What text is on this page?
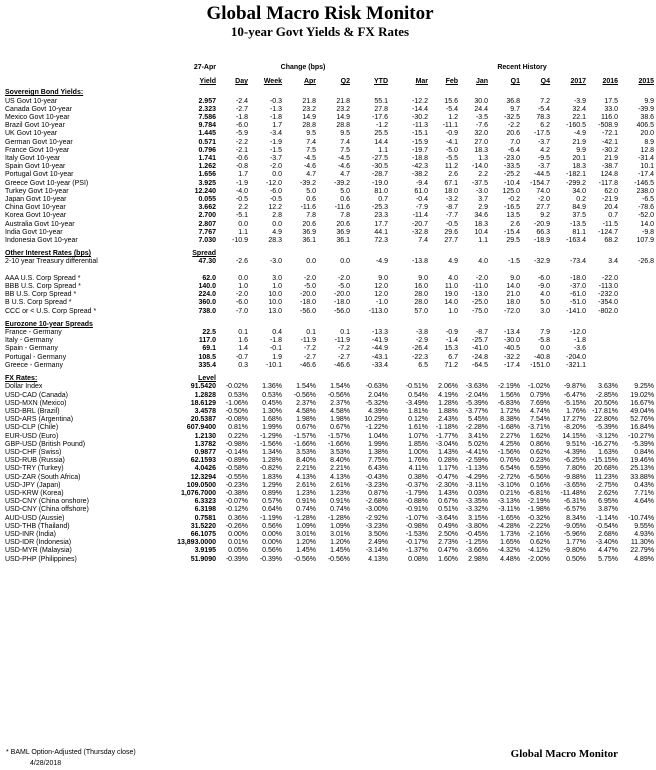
Global Macro Risk Monitor
10-year Govt Yields & FX Rates
	27-Apr	Change (bps)					Recent History							

	Yield	Day	Week	Apr	Q2	YTD	Mar	Feb	Jan	Q1	Q4	2017	2016	2015

Sovereign Bond Yields:														
US Govt 10-year	2.957	-2.4	-0.3	21.8	21.8	55.1	-12.2	15.6	30.0	36.8	7.2	-3.9	17.5	9.9
Canada Govt 10-year	2.323	-2.7	-1.3	23.2	23.2	27.8	-14.4	-5.4	24.4	9.7	-5.4	32.4	33.0	-39.9
Mexico Govt 10-year	7.586	-1.8	-1.8	14.9	14.9	-17.6	-30.2	1.2	-3.5	-32.5	78.3	22.1	116.0	38.6
Brazil Govt 10-year	9.784	-6.0	1.7	28.8	28.8	-1.2	-11.3	-11.1	-7.6	-2.2	6.2	-160.5	-508.9	406.5
UK Govt 10-year	1.445	-5.9	-3.4	9.5	9.5	25.5	-15.1	-0.9	32.0	20.6	-17.5	-4.9	-72.1	20.0
German Govt 10-year	0.571	-2.2	-1.9	7.4	7.4	14.4	-15.9	-4.1	27.0	7.0	-3.7	21.9	-42.1	8.9
France Govt 10-year	0.796	-2.1	-1.5	7.5	7.5	1.1	-19.7	-5.0	18.3	-6.4	4.2	9.9	-30.2	12.8
Italy Govt 10-year	1.741	-0.6	-3.7	-4.5	-4.5	-27.5	-18.8	-5.5	1.3	-23.0	-9.5	20.1	21.9	-31.4
Spain Govt 10-year	1.262	-0.8	-2.0	-4.6	-4.6	-30.5	-42.3	11.2	-14.0	-33.5	-3.7	18.3	-38.7	10.1
Portugal Govt 10-year	1.656	1.7	0.0	4.7	4.7	-28.7	-38.2	2.6	2.2	-25.2	-44.5	-182.1	124.8	-17.4
Greece Govt 10-year (PSI)	3.925	-1.9	-12.0	-39.2	-39.2	-19.0	-9.4	67.1	-37.5	-10.4	-154.7	-299.2	-117.8	-146.5
Turkey Govt 10-year	12.240	-4.0	-6.0	5.0	5.0	81.0	61.0	18.0	-3.0	125.0	74.0	34.0	62.0	238.0
Japan Govt 10-year	0.055	-0.5	-0.5	0.6	0.6	0.7	-0.4	-3.2	3.7	-0.2	-2.0	0.2	-21.9	-6.5
China Govt 10-year	3.662	2.2	12.2	-11.6	-11.6	-25.3	-7.9	-8.7	2.9	-16.5	27.7	84.9	20.4	-78.6
Korea Govt 10-year	2.700	-5.1	2.8	7.8	7.8	23.3	-11.4	-7.7	34.6	13.5	9.2	37.5	0.7	-52.0
Australia Govt 10-year	2.807	0.0	0.0	20.6	20.6	17.7	-20.7	-0.5	18.3	2.6	-20.9	-13.5	-11.5	14.0
India Govt 10-year	7.767	1.1	4.9	36.9	36.9	44.1	-32.8	29.6	10.4	-15.4	66.3	81.1	-124.7	-9.8
Indonesia Govt 10-year	7.030	-10.9	28.3	36.1	36.1	72.3	7.4	27.7	1.1	29.5	-18.9	-163.4	68.2	107.9

Other Interest Rates (bps)	Spread													
2-10 year Treasury differential	47.30	-2.6	-3.0	0.0	0.0	-4.9	-13.8	4.9	4.0	-1.5	-32.9	-73.4	3.4	-26.8

AAA U.S. Corp Spread *	62.0	0.0	3.0	-2.0	-2.0	9.0	9.0	4.0	-2.0	9.0	-6.0	-18.0	-22.0	
BBB U.S. Corp Spread *	140.0	1.0	1.0	-5.0	-5.0	12.0	16.0	11.0	-11.0	14.0	-9.0	-37.0	-113.0	
BB U.S. Corp Spread *	224.0	-2.0	10.0	-20.0	-20.0	12.0	28.0	19.0	-13.0	21.0	4.0	-61.0	-232.0	
B U.S. Corp Spread *	360.0	-6.0	10.0	-18.0	-18.0	-1.0	28.0	14.0	-25.0	18.0	5.0	-51.0	-354.0	
CCC or < U.S. Corp Spread *	738.0	-7.0	13.0	-56.0	-56.0	-113.0	57.0	1.0	-75.0	-72.0	3.0	-141.0	-802.0	

Eurozone 10-year Spreads														
France - Germany	22.5	0.1	0.4	0.1	0.1	-13.3	-3.8	-0.9	-8.7	-13.4	7.9	-12.0		
Italy - Germany	117.0	1.6	-1.8	-11.9	-11.9	-41.9	-2.9	-1.4	-25.7	-30.0	-5.8	-1.8		
Spain - Germany	69.1	1.4	-0.1	-7.2	-7.2	-44.9	-26.4	15.3	-41.0	-40.5	0.0	-3.6		
Portugal - Germany	108.5	-0.7	1.9	-2.7	-2.7	-43.1	-22.3	6.7	-24.8	-32.2	-40.8	-204.0		
Greece - Germany	335.4	0.3	-10.1	-46.6	-46.6	-33.4	6.5	71.2	-64.5	-17.4	-151.0	-321.1		

FX Rates:	Level													
Dollar Index	91.5420	-0.02%	1.36%	1.54%	1.54%	-0.63%	-0.51%	2.06%	-3.63%	-2.19%	-1.02%	-9.87%	3.63%	9.25%
USD-CAD (Canada)	1.2828	0.53%	0.53%	-0.56%	-0.56%	2.04%	0.54%	4.19%	-2.04%	1.56%	0.79%	-6.47%	-2.85%	19.02%
USD-MXN (Mexico)	18.6129	-1.06%	0.45%	2.37%	2.37%	-5.32%	-3.49%	1.28%	-5.39%	-6.83%	7.69%	-5.15%	20.50%	16.67%
USD-BRL (Brazil)	3.4578	-0.50%	1.30%	4.58%	4.58%	4.39%	1.81%	1.88%	-3.77%	1.72%	4.74%	1.76%	-17.81%	49.04%
USD-ARS (Argentina)	20.5387	-0.08%	1.68%	1.98%	1.98%	10.29%	0.12%	2.43%	5.45%	8.38%	7.54%	17.27%	22.80%	52.76%
USD-CLP (Chile)	607.9400	0.81%	1.99%	0.67%	0.67%	-1.22%	1.61%	-1.18%	-2.28%	-1.68%	-3.71%	-8.20%	-5.39%	16.84%
EUR-USD (Euro)	1.2130	0.22%	-1.29%	-1.57%	-1.57%	1.04%	1.07%	-1.77%	3.41%	2.27%	1.62%	14.15%	-3.12%	-10.27%
GBP-USD (British Pound)	1.3782	-0.98%	-1.56%	-1.66%	-1.66%	1.99%	1.85%	-3.04%	5.02%	4.25%	0.86%	9.51%	-16.27%	-5.39%
USD-CHF (Swiss)	0.9877	-0.14%	1.34%	3.53%	3.53%	1.38%	1.00%	1.43%	-4.41%	-1.56%	0.62%	-4.39%	1.63%	0.84%
USD-RUB (Russia)	62.1593	-0.89%	1.28%	8.40%	8.40%	7.75%	1.76%	0.28%	-2.59%	0.76%	0.23%	-6.25%	-15.15%	19.46%
USD-TRY (Turkey)	4.0426	-0.58%	-0.82%	2.21%	2.21%	6.43%	4.11%	1.17%	-1.13%	6.54%	6.59%	7.80%	20.68%	25.13%
USD-ZAR (South Africa)	12.3294	-0.55%	1.83%	4.13%	4.13%	-0.43%	0.38%	-0.47%	-4.29%	-2.72%	-6.56%	-9.88%	11.23%	33.88%
USD-JPY (Japan)	109.0500	-0.23%	1.29%	2.61%	2.61%	-3.23%	-0.37%	-2.30%	-3.11%	-3.10%	0.16%	-3.65%	-2.75%	0.43%
USD-KRW (Korea)	1,076.7000	-0.38%	0.89%	1.23%	1.23%	0.87%	-1.79%	1.43%	0.03%	0.21%	-6.81%	-11.48%	2.62%	7.71%
USD-CNY (China onshore)	6.3323	-0.07%	0.57%	0.91%	0.91%	-2.68%	-0.88%	0.67%	-3.35%	-3.13%	-2.19%	-6.31%	6.95%	4.64%
USD-CNY (China offshore)	6.3198	-0.12%	0.64%	0.74%	0.74%	-3.00%	-0.91%	0.51%	-3.32%	-3.11%	-1.98%	-6.57%	3.87%	
AUD-USD (Aussie)	0.7581	0.36%	-1.19%	-1.28%	-1.28%	-2.92%	-1.07%	-3.64%	3.15%	-1.65%	-0.32%	8.34%	-1.14%	-10.74%
USD-THB (Thailand)	31.5220	-0.26%	0.56%	1.09%	1.09%	-3.23%	-0.98%	0.49%	-3.80%	-4.28%	-2.22%	-9.05%	-0.54%	9.55%
USD-INR (India)	66.1075	0.00%	0.00%	3.01%	3.01%	3.50%	-1.53%	2.50%	-0.45%	1.73%	-2.16%	-5.96%	2.68%	4.93%
USD-IDR (Indonesia)	13,893.0000	0.01%	0.00%	1.20%	1.20%	2.49%	-0.17%	2.73%	-1.25%	1.65%	0.62%	1.77%	-3.40%	11.30%
USD-MYR (Malaysia)	3.9195	0.05%	0.56%	1.45%	1.45%	-3.14%	-1.37%	0.47%	-3.66%	-4.32%	-4.12%	-9.80%	4.47%	22.79%
USD-PHP (Philippines)	51.9090	-0.39%	-0.39%	-0.56%	-0.56%	4.13%	0.08%	1.60%	2.98%	4.48%	-2.00%	0.50%	5.75%	4.89%
* BAML Option-Adjusted (Thursday close)
4/28/2018
Global Macro Monitor
